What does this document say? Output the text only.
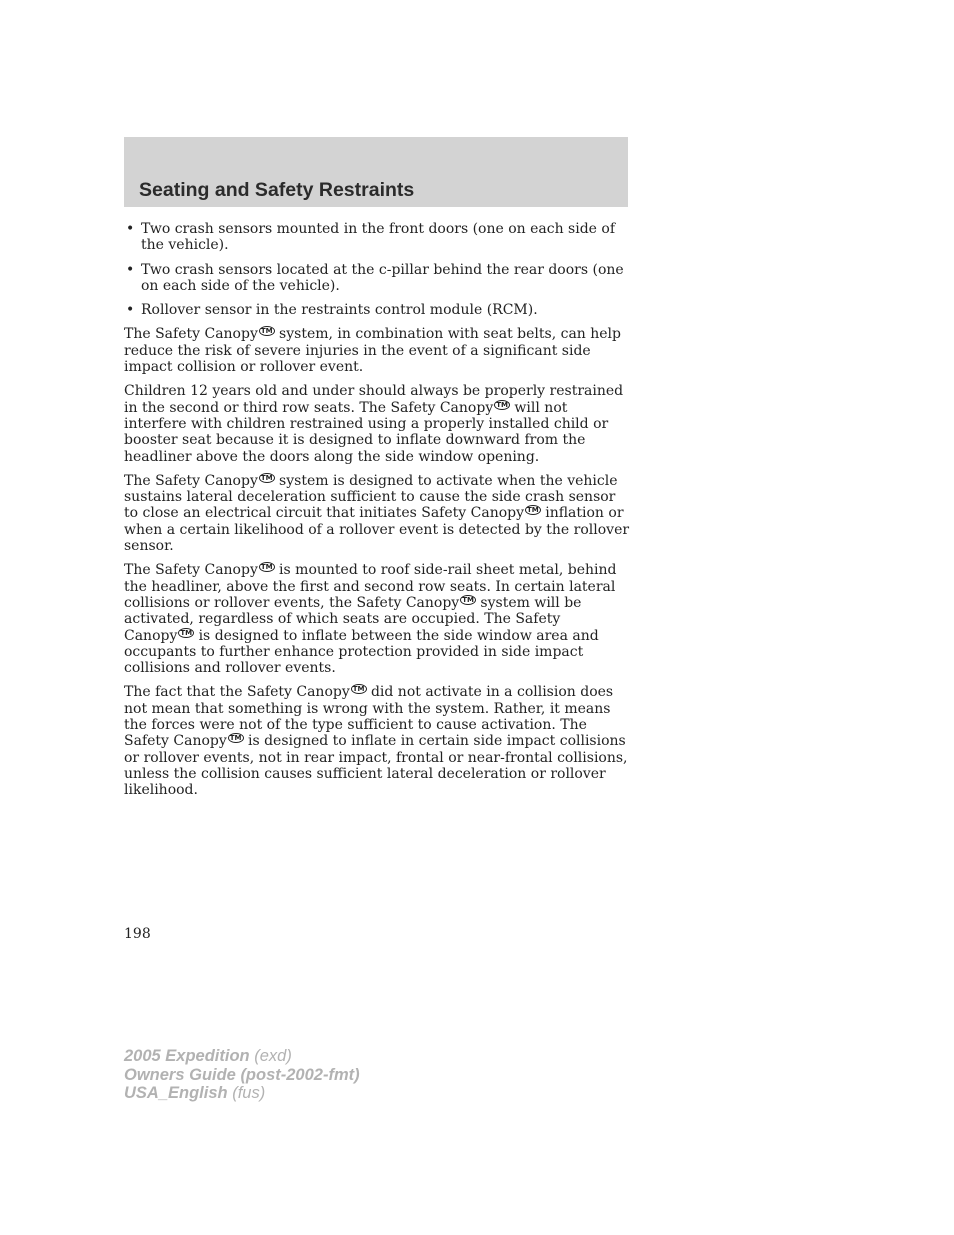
Seating and Safety Restraints
• Two crash sensors mounted in the front doors (one on each side of the vehicle).
• Two crash sensors located at the c-pillar behind the rear doors (one on each side of the vehicle).
• Rollover sensor in the restraints control module (RCM).

The Safety Canopy ™ system, in combination with seat belts, can help reduce the risk of severe injuries in the event of a significant side impact collision or rollover event.

Children 12 years old and under should always be properly restrained in the second or third row seats. The Safety Canopy ™ will not interfere with children restrained using a properly installed child or booster seat because it is designed to inflate downward from the headliner above the doors along the side window opening.

The Safety Canopy ™ system is designed to activate when the vehicle sustains lateral deceleration sufficient to cause the side crash sensor to close an electrical circuit that initiates Safety Canopy ™ inflation or when a certain likelihood of a rollover event is detected by the rollover sensor.

The Safety Canopy ™ is mounted to roof side-rail sheet metal, behind the headliner, above the first and second row seats. In certain lateral collisions or rollover events, the Safety Canopy ™ system will be activated, regardless of which seats are occupied. The Safety Canopy ™ is designed to inflate between the side window area and occupants to further enhance protection provided in side impact collisions and rollover events.

The fact that the Safety Canopy ™ did not activate in a collision does not mean that something is wrong with the system. Rather, it means the forces were not of the type sufficient to cause activation. The Safety Canopy ™ is designed to inflate in certain side impact collisions or rollover events, not in rear impact, frontal or near-frontal collisions, unless the collision causes sufficient lateral deceleration or rollover likelihood.

198
2005 Expedition (exd)
Owners Guide (post-2002-fmt)
USA_English (fus)
